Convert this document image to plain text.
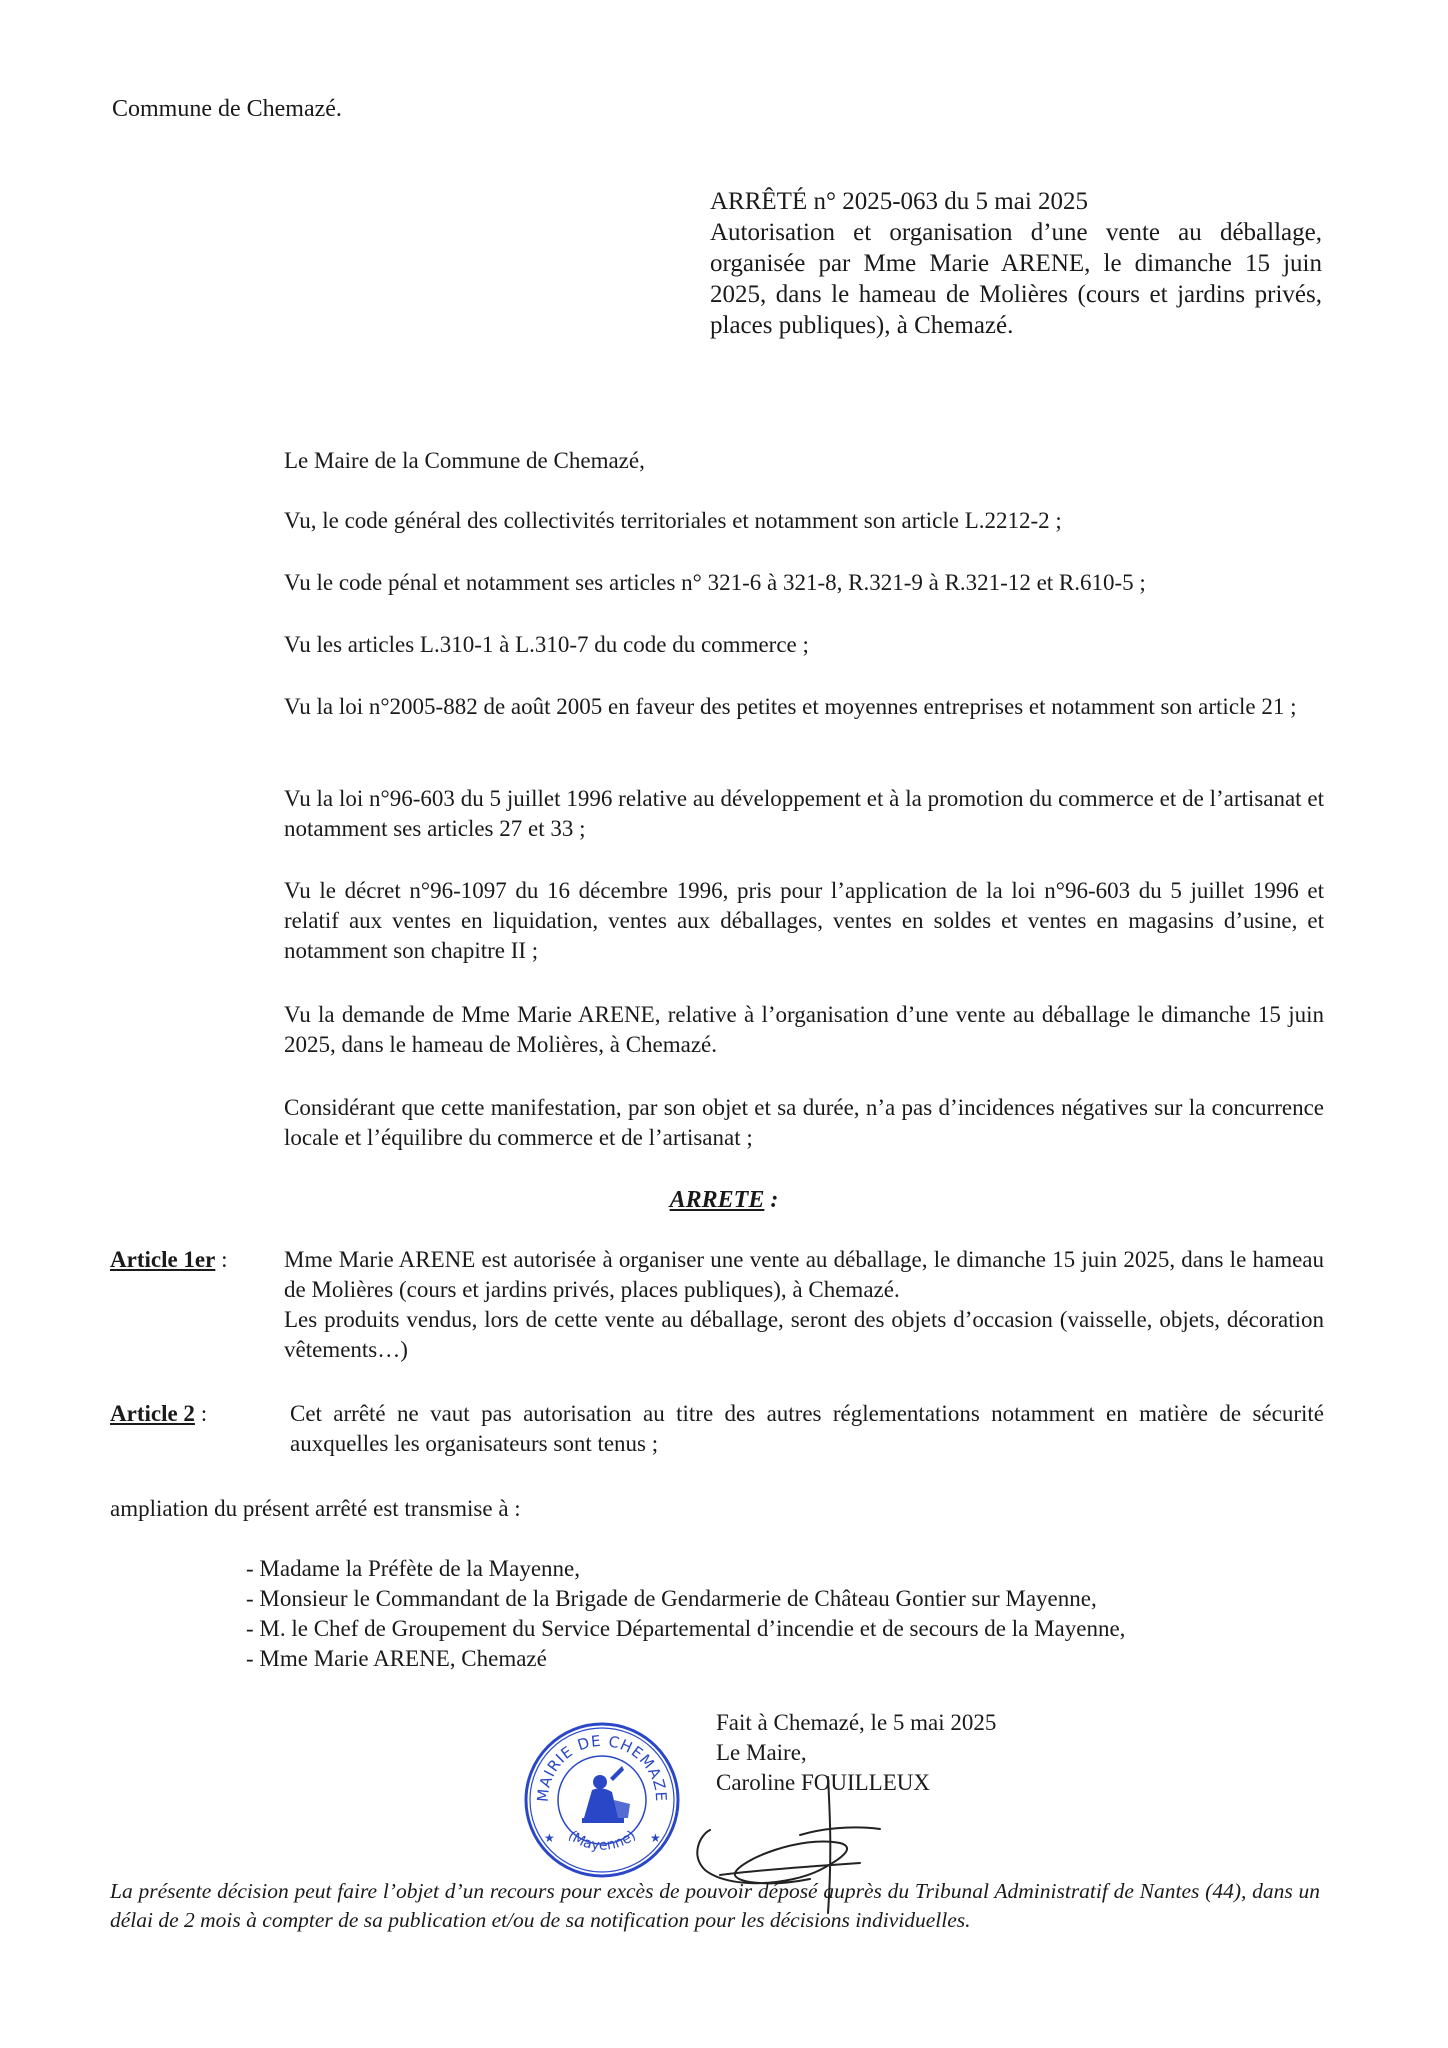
Commune de Chemazé.
ARRÊTÉ n° 2025-063 du 5 mai 2025
Autorisation et organisation d’une vente au déballage, organisée par Mme Marie ARENE, le dimanche 15 juin 2025, dans le hameau de Molières (cours et jardins privés, places publiques), à Chemazé.
Le Maire de la Commune de Chemazé,
Vu, le code général des collectivités territoriales et notamment son article L.2212-2 ;
Vu le code pénal et notamment ses articles n° 321-6 à 321-8, R.321-9 à R.321-12 et R.610-5 ;
Vu les articles L.310-1 à L.310-7 du code du commerce ;
Vu la loi n°2005-882 de août 2005 en faveur des petites et moyennes entreprises et notamment son article 21 ;
Vu la loi n°96-603 du 5 juillet 1996 relative au développement et à la promotion du commerce et de l’artisanat et notamment ses articles 27 et 33 ;
Vu le décret n°96-1097 du 16 décembre 1996, pris pour l’application de la loi n°96-603 du 5 juillet 1996 et relatif aux ventes en liquidation, ventes aux déballages, ventes en soldes et ventes en magasins d’usine, et notamment son chapitre II ;
Vu la demande de Mme Marie ARENE, relative à l’organisation d’une vente au déballage le dimanche 15 juin 2025, dans le hameau de Molières, à Chemazé.
Considérant que cette manifestation, par son objet et sa durée, n’a pas d’incidences négatives sur la concurrence locale et l’équilibre du commerce et de l’artisanat ;
ARRETE :
Article 1er : Mme Marie ARENE est autorisée à organiser une vente au déballage, le dimanche 15 juin 2025, dans le hameau de Molières (cours et jardins privés, places publiques), à Chemazé.
Les produits vendus, lors de cette vente au déballage, seront des objets d’occasion (vaisselle, objets, décoration vêtements…)
Article 2 :	Cet arrêté ne vaut pas autorisation au titre des autres réglementations notamment en matière de sécurité auxquelles les organisateurs sont tenus ;
ampliation du présent arrêté est transmise à :
- Madame la Préfète de la Mayenne,
- Monsieur le Commandant de la Brigade de Gendarmerie de Château Gontier sur Mayenne,
- M. le Chef de Groupement du Service Départemental d’incendie et de secours de la Mayenne,
- Mme Marie ARENE, Chemazé
Fait à Chemazé, le 5 mai 2025
Le Maire,
Caroline FOUILLEUX
MAIRIE DE CHEMAZE
(Mayenne)
★	★
La présente décision peut faire l’objet d’un recours pour excès de pouvoir déposé auprès du Tribunal Administratif de Nantes (44), dans un délai de 2 mois à compter de sa publication et/ou de sa notification pour les décisions individuelles.
